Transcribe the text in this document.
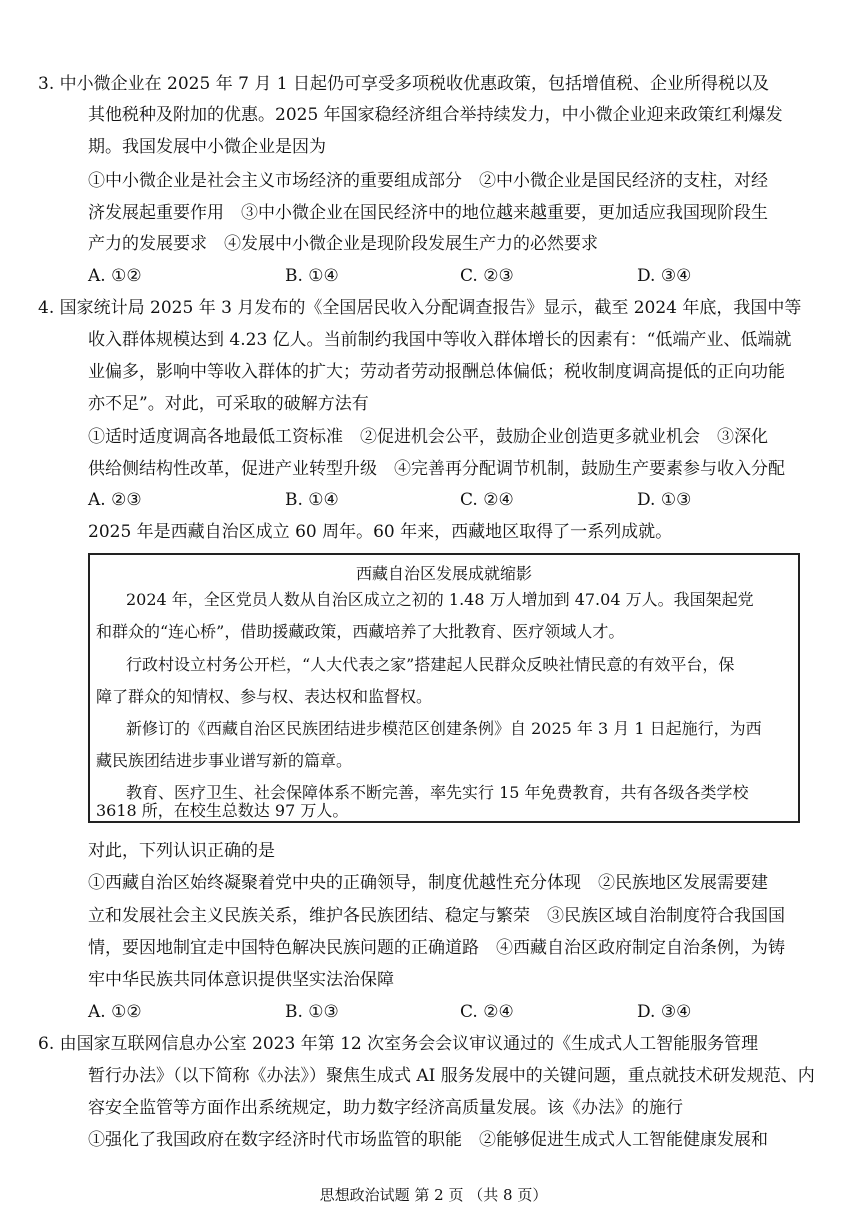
3. 中小微企业在 2025 年 7 月 1 日起仍可享受多项税收优惠政策，包括增值税、企业所得税以及
其他税种及附加的优惠。2025 年国家稳经济组合举持续发力，中小微企业迎来政策红利爆发
期。我国发展中小微企业是因为
①中小微企业是社会主义市场经济的重要组成部分　②中小微企业是国民经济的支柱，对经
济发展起重要作用　③中小微企业在国民经济中的地位越来越重要，更加适应我国现阶段生
产力的发展要求　④发展中小微企业是现阶段发展生产力的必然要求
A. ①②	B. ①④	C. ②③	D. ③④
4. 国家统计局 2025 年 3 月发布的《全国居民收入分配调查报告》显示，截至 2024 年底，我国中等
收入群体规模达到 4.23 亿人。当前制约我国中等收入群体增长的因素有：“低端产业、低端就
业偏多，影响中等收入群体的扩大；劳动者劳动报酬总体偏低；税收制度调高提低的正向功能
亦不足”。对此，可采取的破解方法有
①适时适度调高各地最低工资标准　②促进机会公平，鼓励企业创造更多就业机会　③深化
供给侧结构性改革，促进产业转型升级　④完善再分配调节机制，鼓励生产要素参与收入分配
A. ②③	B. ①④	C. ②④	D. ①③
2025 年是西藏自治区成立 60 周年。60 年来，西藏地区取得了一系列成就。
西藏自治区发展成就缩影
2024 年，全区党员人数从自治区成立之初的 1.48 万人增加到 47.04 万人。我国架起党
和群众的“连心桥”，借助援藏政策，西藏培养了大批教育、医疗领域人才。
行政村设立村务公开栏，“人大代表之家”搭建起人民群众反映社情民意的有效平台，保
障了群众的知情权、参与权、表达权和监督权。
新修订的《西藏自治区民族团结进步模范区创建条例》自 2025 年 3 月 1 日起施行，为西
藏民族团结进步事业谱写新的篇章。
教育、医疗卫生、社会保障体系不断完善，率先实行 15 年免费教育，共有各级各类学校
3618 所，在校生总数达 97 万人。
对此，下列认识正确的是
①西藏自治区始终凝聚着党中央的正确领导，制度优越性充分体现　②民族地区发展需要建
立和发展社会主义民族关系，维护各民族团结、稳定与繁荣　③民族区域自治制度符合我国国
情，要因地制宜走中国特色解决民族问题的正确道路　④西藏自治区政府制定自治条例，为铸
牢中华民族共同体意识提供坚实法治保障
A. ①②	B. ①③	C. ②④	D. ③④
6. 由国家互联网信息办公室 2023 年第 12 次室务会会议审议通过的《生成式人工智能服务管理
暂行办法》（以下简称《办法》）聚焦生成式 AI 服务发展中的关键问题，重点就技术研发规范、内
容安全监管等方面作出系统规定，助力数字经济高质量发展。该《办法》的施行
①强化了我国政府在数字经济时代市场监管的职能　②能够促进生成式人工智能健康发展和
思想政治试题 第 2 页 （共 8 页）
